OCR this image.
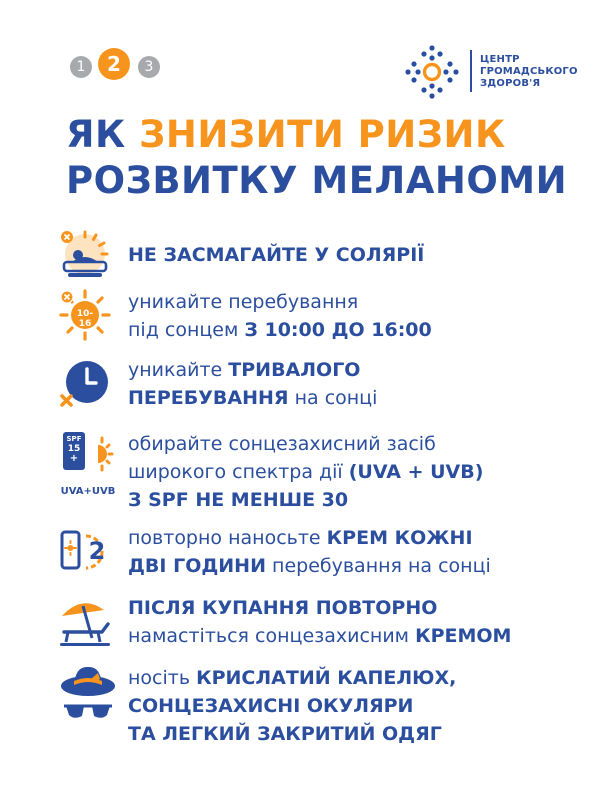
1	2	3	ЦЕНТР
ГРОМАДСЬКОГО
ЗДОРОВ'Я
ЯК ЗНИЗИТИ РИЗИК
РОЗВИТКУ МЕЛАНОМИ
НЕ ЗАСМАГАЙТЕ У СОЛЯРІЇ
10-16
уникайте перебування
під сонцем З 10:00 ДО 16:00
уникайте ТРИВАЛОГО
ПЕРЕБУВАННЯ на сонці
SPF
15
+
UVA+UVB
обирайте сонцезахисний засіб
широкого спектра дії (UVA + UVB)
З SPF НЕ МЕНШЕ 30
2 повторно наносьте КРЕМ КОЖНІ
ДВІ ГОДИНИ перебування на сонці
ПІСЛЯ КУПАННЯ ПОВТОРНО
намастіться сонцезахисним КРЕМОМ
носіть КРИСЛАТИЙ КАПЕЛЮХ,
СОНЦЕЗАХИСНІ ОКУЛЯРИ
ТА ЛЕГКИЙ ЗАКРИТИЙ ОДЯГ
